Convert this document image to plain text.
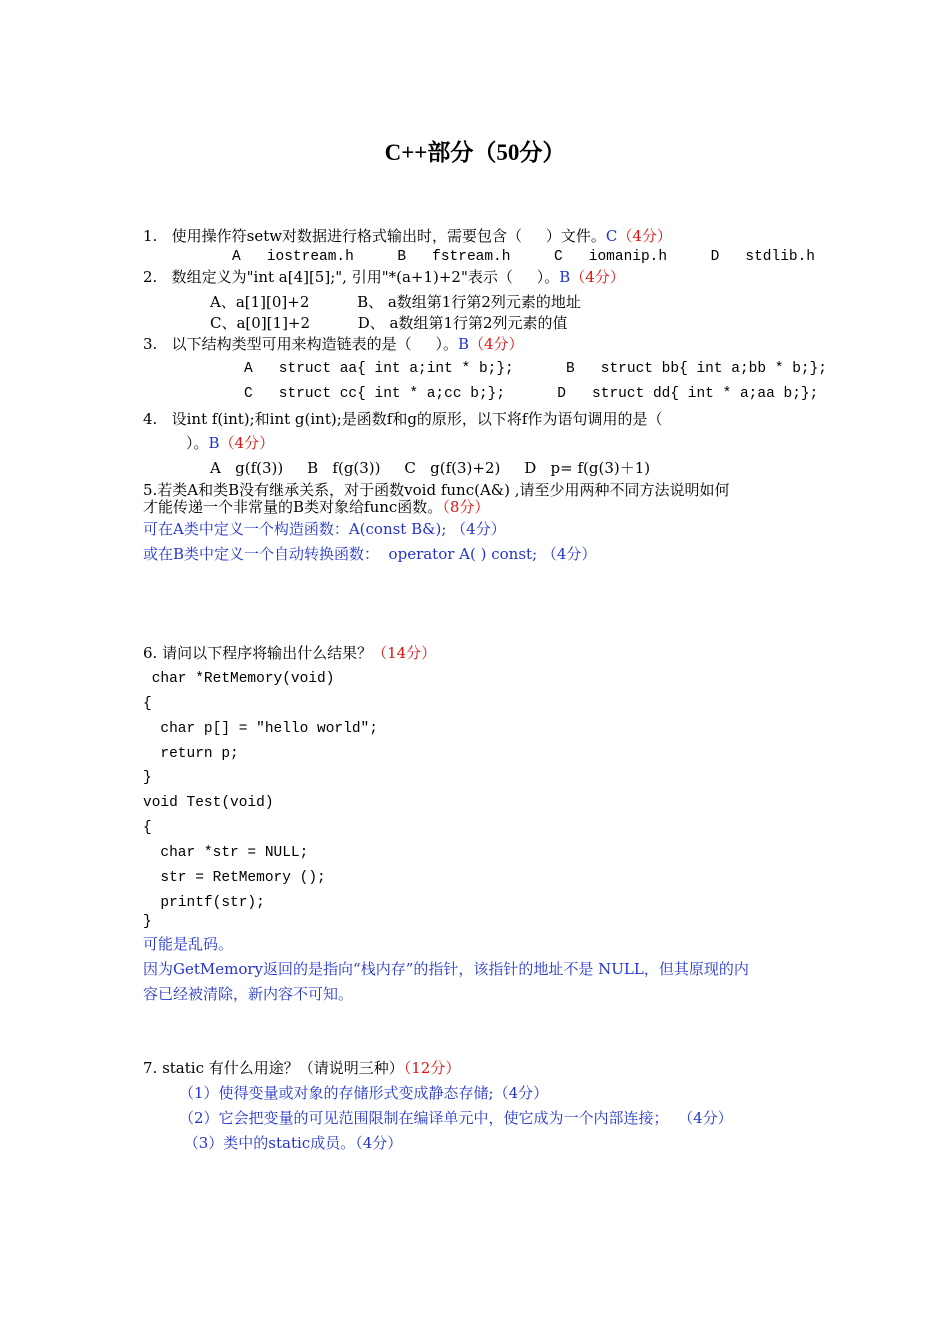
C++部分（50分）
1.   使用操作符setw对数据进行格式输出时，需要包含（     ）文件。C（4分）
A   iostream.h     B   fstream.h     C   iomanip.h     D   stdlib.h
2.   数组定义为"int a[4][5];", 引用"*(a+1)+2"表示（     ）。B（4分）
A、a[1][0]+2          B、 a数组第1行第2列元素的地址
C、a[0][1]+2          D、 a数组第1行第2列元素的值
3.   以下结构类型可用来构造链表的是（     ）。B（4分）
A   struct aa{ int a;int * b;};      B   struct bb{ int a;bb * b;};
C   struct cc{ int * a;cc b;};      D   struct dd{ int * a;aa b;};
4.   设int f(int);和int g(int);是函数f和g的原形，以下将f作为语句调用的是（
）。B（4分）
A   g(f(3))     B   f(g(3))     C   g(f(3)+2)     D   p= f(g(3)＋1)
5.若类A和类B没有继承关系，对于函数void func(A&) ,请至少用两种不同方法说明如何
才能传递一个非常量的B类对象给func函数。（8分）
可在A类中定义一个构造函数：A(const B&); （4分）
或在B类中定义一个自动转换函数：  operator A( ) const; （4分）
6. 请问以下程序将输出什么结果？（14分）
char *RetMemory(void)
{
char p[] = "hello world";
return p;
}
void Test(void)
{
char *str = NULL;
str = RetMemory ();
printf(str);
}
可能是乱码。
因为GetMemory返回的是指向“栈内存”的指针，该指针的地址不是 NULL，但其原现的内
容已经被清除，新内容不可知。
7. static 有什么用途？（请说明三种）（12分）
（1）使得变量或对象的存储形式变成静态存储;（4分）
（2）它会把变量的可见范围限制在编译单元中，使它成为一个内部连接；  （4分）
（3）类中的static成员。（4分）
